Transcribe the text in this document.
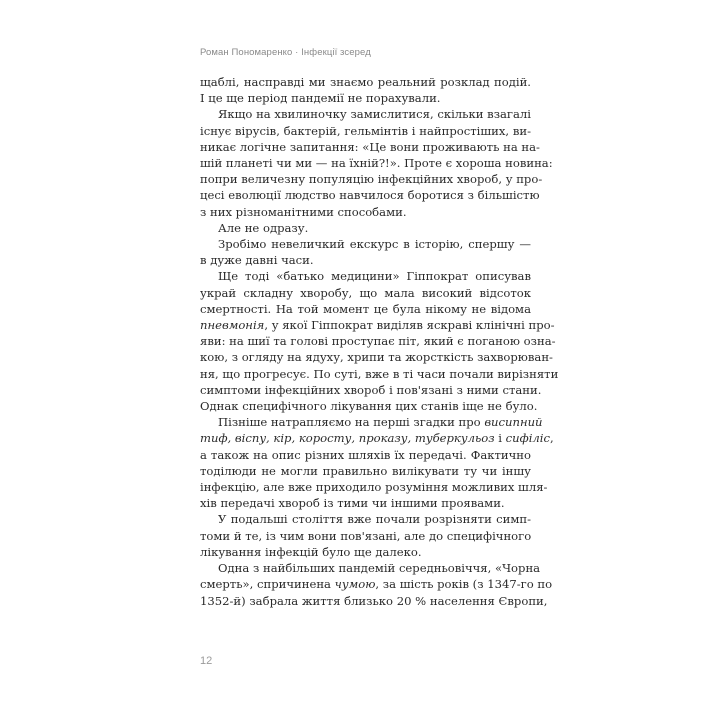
Роман Пономаренко · Інфекції зсеред

щаблі, насправді ми знаємо реальний розклад подій.
І це ще період пандемії не порахували.

Якщо на хвилиночку замислитися, скільки взагалі
існує вірусів, бактерій, гельмінтів і найпростіших, ви-
никає логічне запитання: «Це вони проживають на на-
шій планеті чи ми — на їхній?!». Проте є хороша новина:
попри величезну популяцію інфекційних хвороб, у про-
цесі еволюції людство навчилося боротися з більшістю
з них різноманітними способами.

Але не одразу.

Зробімо невеличкий екскурс в історію, спершу —
в дуже давні часи.

Ще тоді «батько медицини» Гіппократ описував
украй складну хворобу, що мала високий відсоток
смертності. На той момент це була нікому не відома
пневмонія, у якої Гіппократ виділяв яскраві клінічні про-
яви: на шиї та голові проступає піт, який є поганою озна-
кою, з огляду на ядуху, хрипи та жорсткість захворюван-
ня, що прогресує. По суті, вже в ті часи почали вирізняти
симптоми інфекційних хвороб і пов'язані з ними стани.
Однак специфічного лікування цих станів іще не було.

Пізніше натрапляємо на перші згадки про висипний
тиф, віспу, кір, коросту, проказу, туберкульоз і сифіліс,
а також на опис різних шляхів їх передачі. Фактично
тоділюди не могли правильно вилікувати ту чи іншу
інфекцію, але вже приходило розуміння можливих шля-
хів передачі хвороб із тими чи іншими проявами.

У подальші століття вже почали розрізняти симп-
томи й те, із чим вони пов'язані, але до специфічного
лікування інфекцій було ще далеко.

Одна з найбільших пандемій середньовіччя, «Чорна
смерть», спричинена чумою, за шість років (з 1347-го по
1352-й) забрала життя близько 20 % населення Європи,

12
